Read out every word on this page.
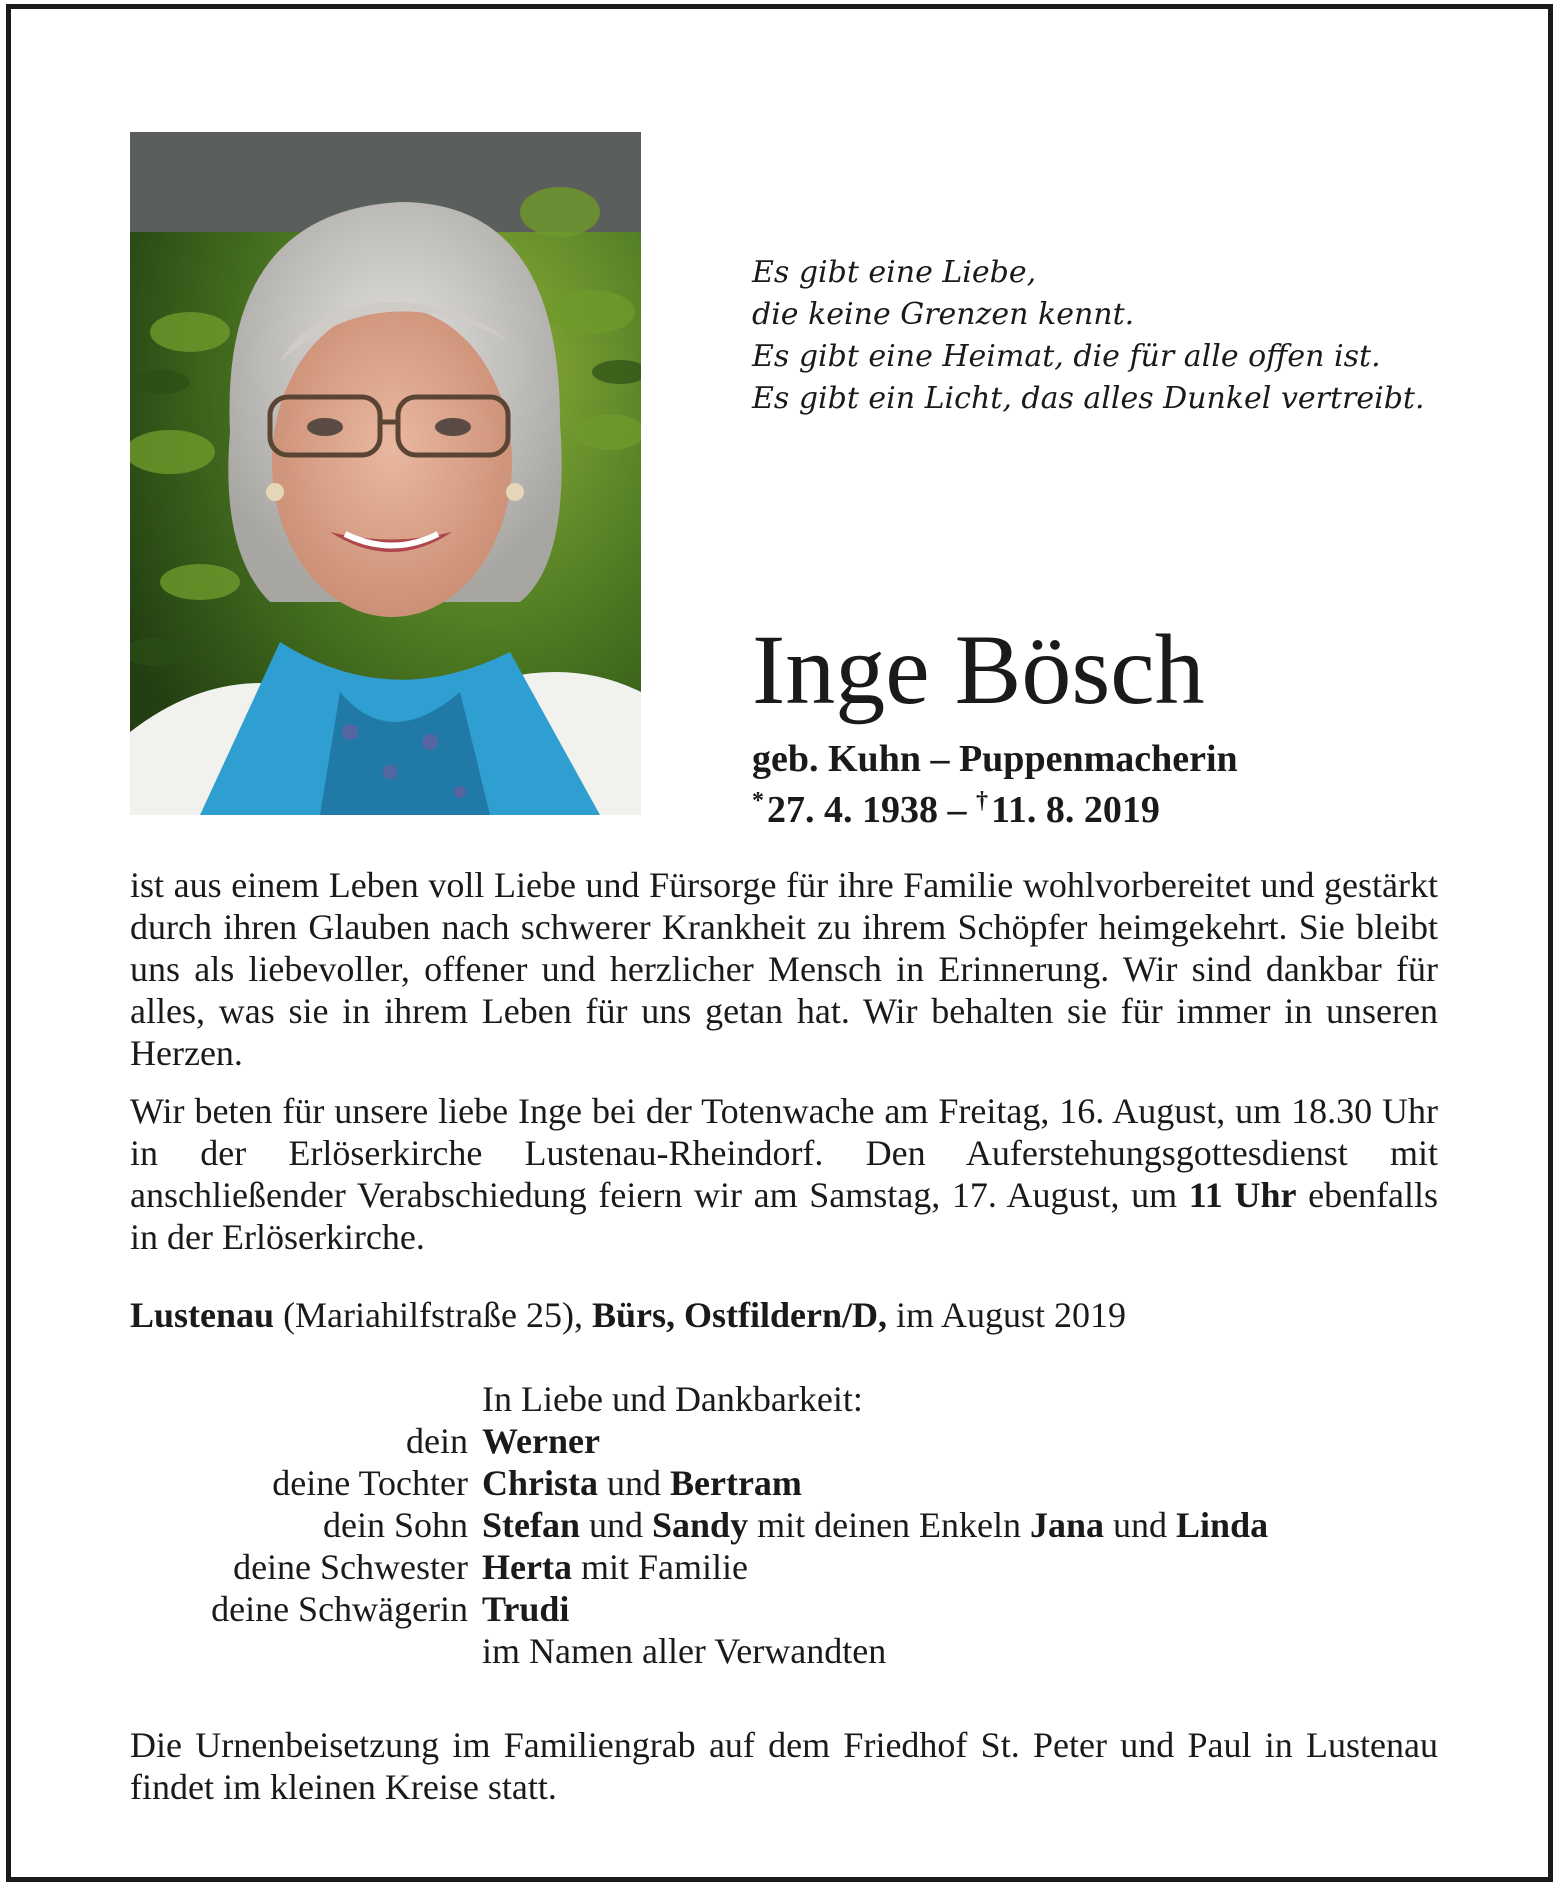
Es gibt eine Liebe,
die keine Grenzen kennt.
Es gibt eine Heimat, die für alle offen ist.
Es gibt ein Licht, das alles Dunkel vertreibt.
Inge Bösch
geb. Kuhn – Puppenmacherin
*27. 4. 1938 – †11. 8. 2019
ist aus einem Leben voll Liebe und Fürsorge für ihre Familie wohlvorbereitet und gestärkt durch ihren Glauben nach schwerer Krankheit zu ihrem Schöpfer heimgekehrt. Sie bleibt uns als liebevoller, offener und herzlicher Mensch in Erinnerung. Wir sind dankbar für alles, was sie in ihrem Leben für uns getan hat. Wir behalten sie für immer in unseren Herzen.
Wir beten für unsere liebe Inge bei der Totenwache am Freitag, 16. August, um 18.30 Uhr in der Erlöserkirche Lustenau-Rheindorf. Den Auferstehungsgottesdienst mit anschließender Verabschiedung feiern wir am Samstag, 17. August, um 11 Uhr ebenfalls in der Erlöserkirche.
Lustenau (Mariahilfstraße 25), Bürs, Ostfildern/D, im August 2019
In Liebe und Dankbarkeit:
dein Werner
deine Tochter Christa und Bertram
dein Sohn Stefan und Sandy mit deinen Enkeln Jana und Linda
deine Schwester Herta mit Familie
deine Schwägerin Trudi
im Namen aller Verwandten
Die Urnenbeisetzung im Familiengrab auf dem Friedhof St. Peter und Paul in Lustenau findet im kleinen Kreise statt.
